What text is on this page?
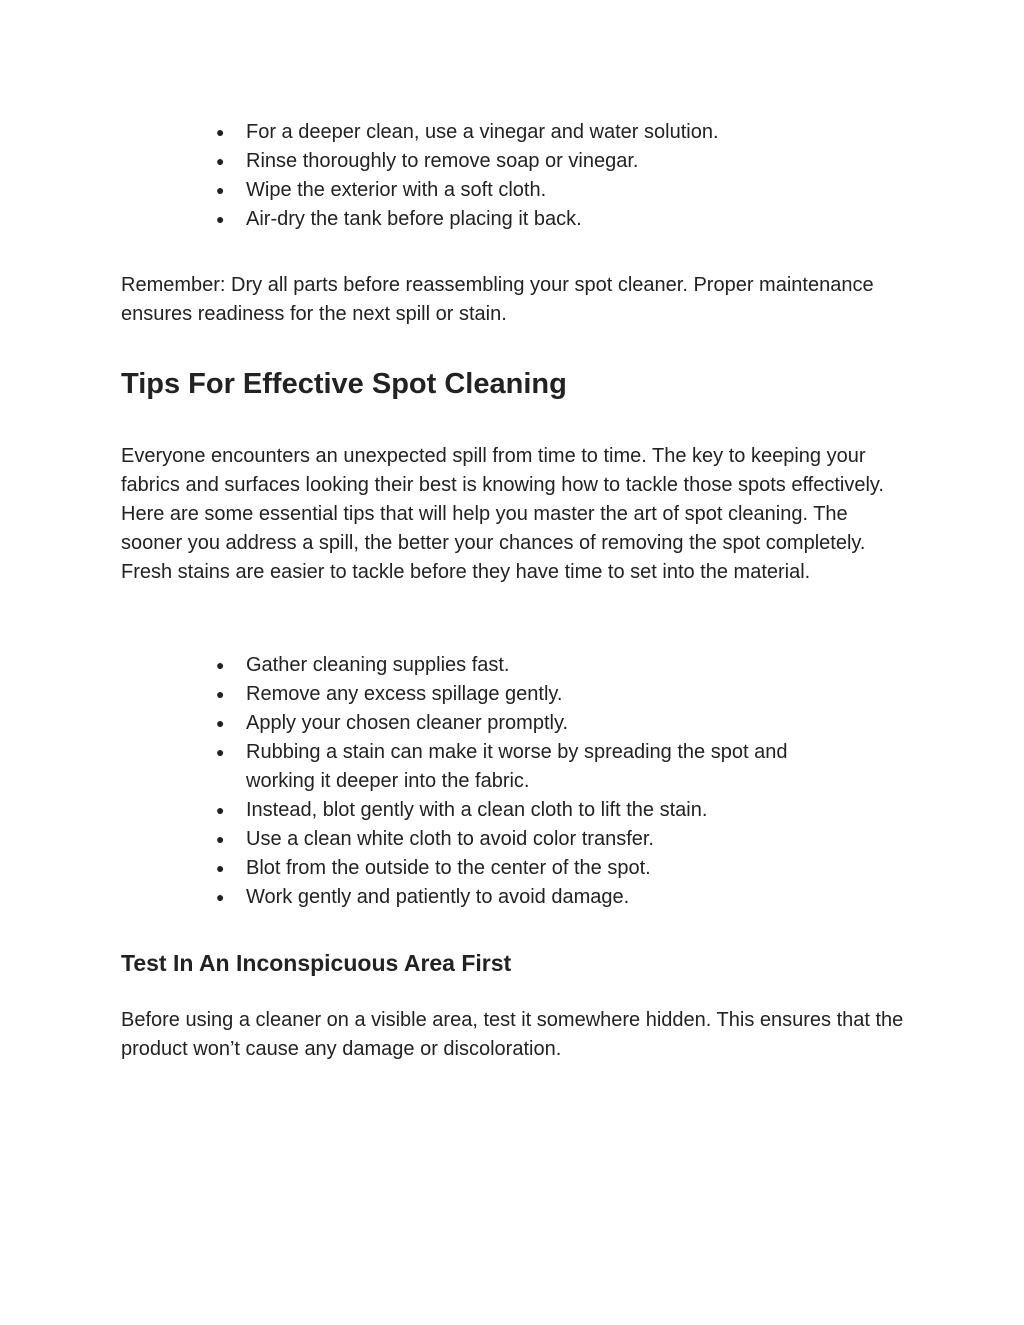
● For a deeper clean, use a vinegar and water solution.
● Rinse thoroughly to remove soap or vinegar.
● Wipe the exterior with a soft cloth.
● Air-dry the tank before placing it back.

Remember: Dry all parts before reassembling your spot cleaner. Proper maintenance ensures readiness for the next spill or stain.

Tips For Effective Spot Cleaning

Everyone encounters an unexpected spill from time to time. The key to keeping your fabrics and surfaces looking their best is knowing how to tackle those spots effectively. Here are some essential tips that will help you master the art of spot cleaning. The sooner you address a spill, the better your chances of removing the spot completely. Fresh stains are easier to tackle before they have time to set into the material.

● Gather cleaning supplies fast.
● Remove any excess spillage gently.
● Apply your chosen cleaner promptly.
● Rubbing a stain can make it worse by spreading the spot and working it deeper into the fabric.
● Instead, blot gently with a clean cloth to lift the stain.
● Use a clean white cloth to avoid color transfer.
● Blot from the outside to the center of the spot.
● Work gently and patiently to avoid damage.
Test In An Inconspicuous Area First

Before using a cleaner on a visible area, test it somewhere hidden. This ensures that the product won’t cause any damage or discoloration.
